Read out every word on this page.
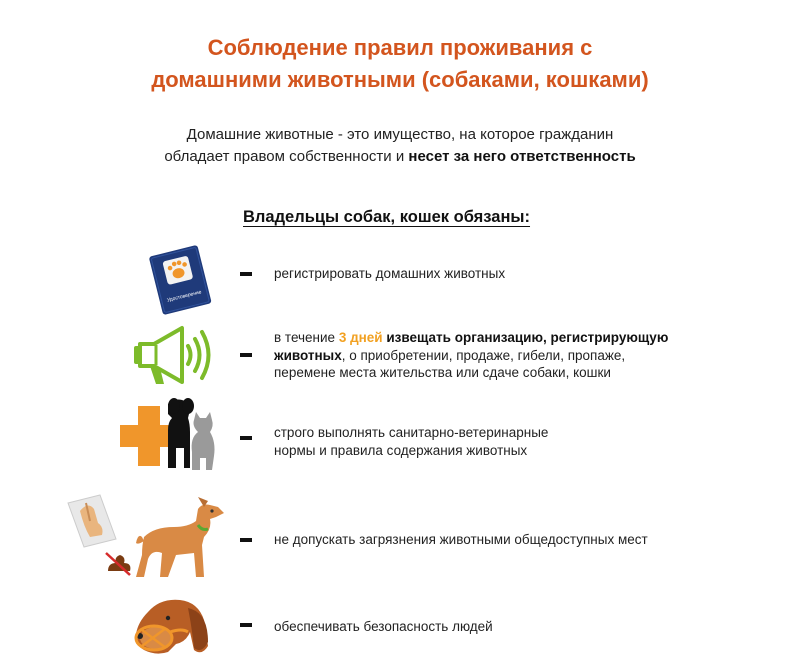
Соблюдение правил проживания с
домашними животными (собаками, кошками)
Домашние животные - это имущество, на которое гражданин
обладает правом собственности и несет за него ответственность
Владельцы собак, кошек обязаны:
Удостоверение
регистрировать домашних животных
в течение 3 дней извещать организацию, регистрирующую
животных, о приобретении, продаже, гибели, пропаже,
перемене места жительства или сдаче собаки, кошки
строго выполнять санитарно-ветеринарные
нормы и правила содержания животных
не допускать загрязнения животными общедоступных мест
обеспечивать безопасность людей
